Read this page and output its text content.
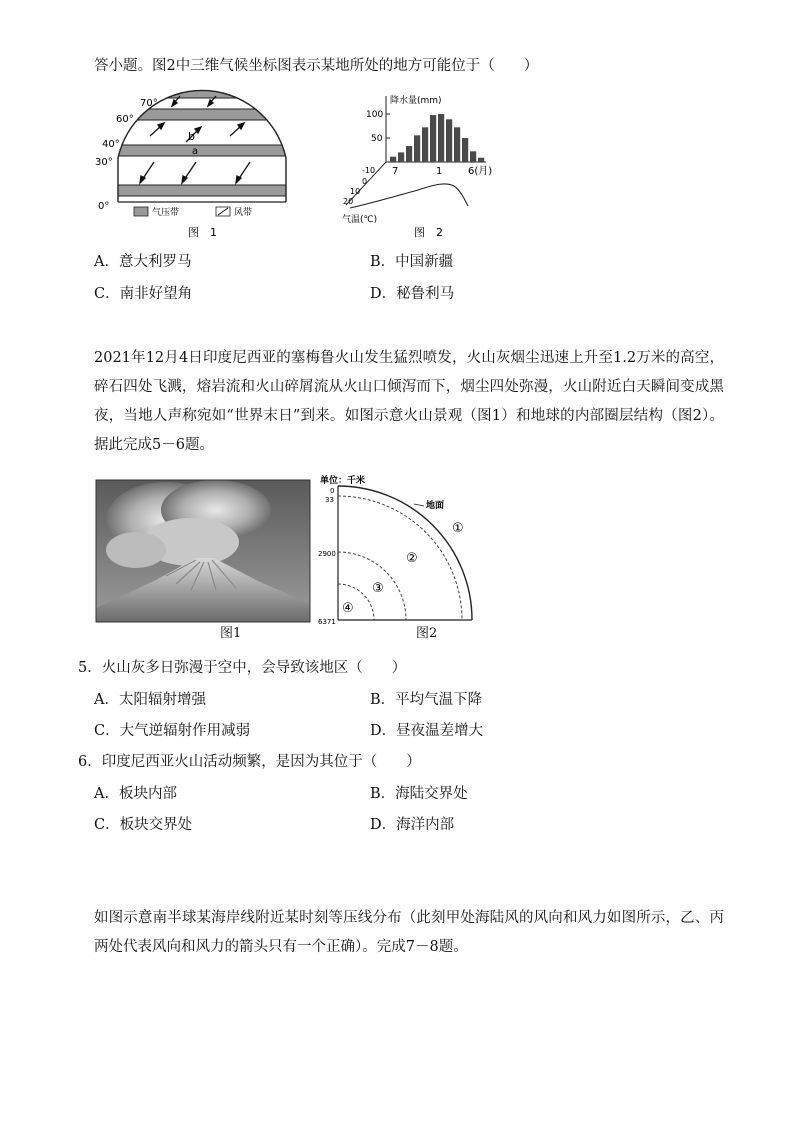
答小题。图2中三维气候坐标图表示某地所处的地方可能位于（　　）
70°
60°
40°
30°
0°
b
a
气压带	风带
图　1
降水量(mm)
100
50
7	1	6(月)
-10
0
10
20
气温(℃)
图　2
A．意大利罗马	B．中国新疆
C．南非好望角	D．秘鲁利马
2021年12月4日印度尼西亚的塞梅鲁火山发生猛烈喷发，火山灰烟尘迅速上升至1.2万米的高空，碎石四处飞溅，熔岩流和火山碎屑流从火山口倾泻而下，烟尘四处弥漫，火山附近白天瞬间变成黑夜，当地人声称宛如“世界末日”到来。如图示意火山景观（图1）和地球的内部圈层结构（图2）。据此完成5－6题。
图1
单位：千米
0
33
2900
6371
地面
①
②
③
④
图2
5．火山灰多日弥漫于空中，会导致该地区（　　）
A．太阳辐射增强	B．平均气温下降
C．大气逆辐射作用减弱	D．昼夜温差增大
6．印度尼西亚火山活动频繁，是因为其位于（　　）
A．板块内部	B．海陆交界处
C．板块交界处	D．海洋内部
如图示意南半球某海岸线附近某时刻等压线分布（此刻甲处海陆风的风向和风力如图所示，乙、丙两处代表风向和风力的箭头只有一个正确）。完成7－8题。
